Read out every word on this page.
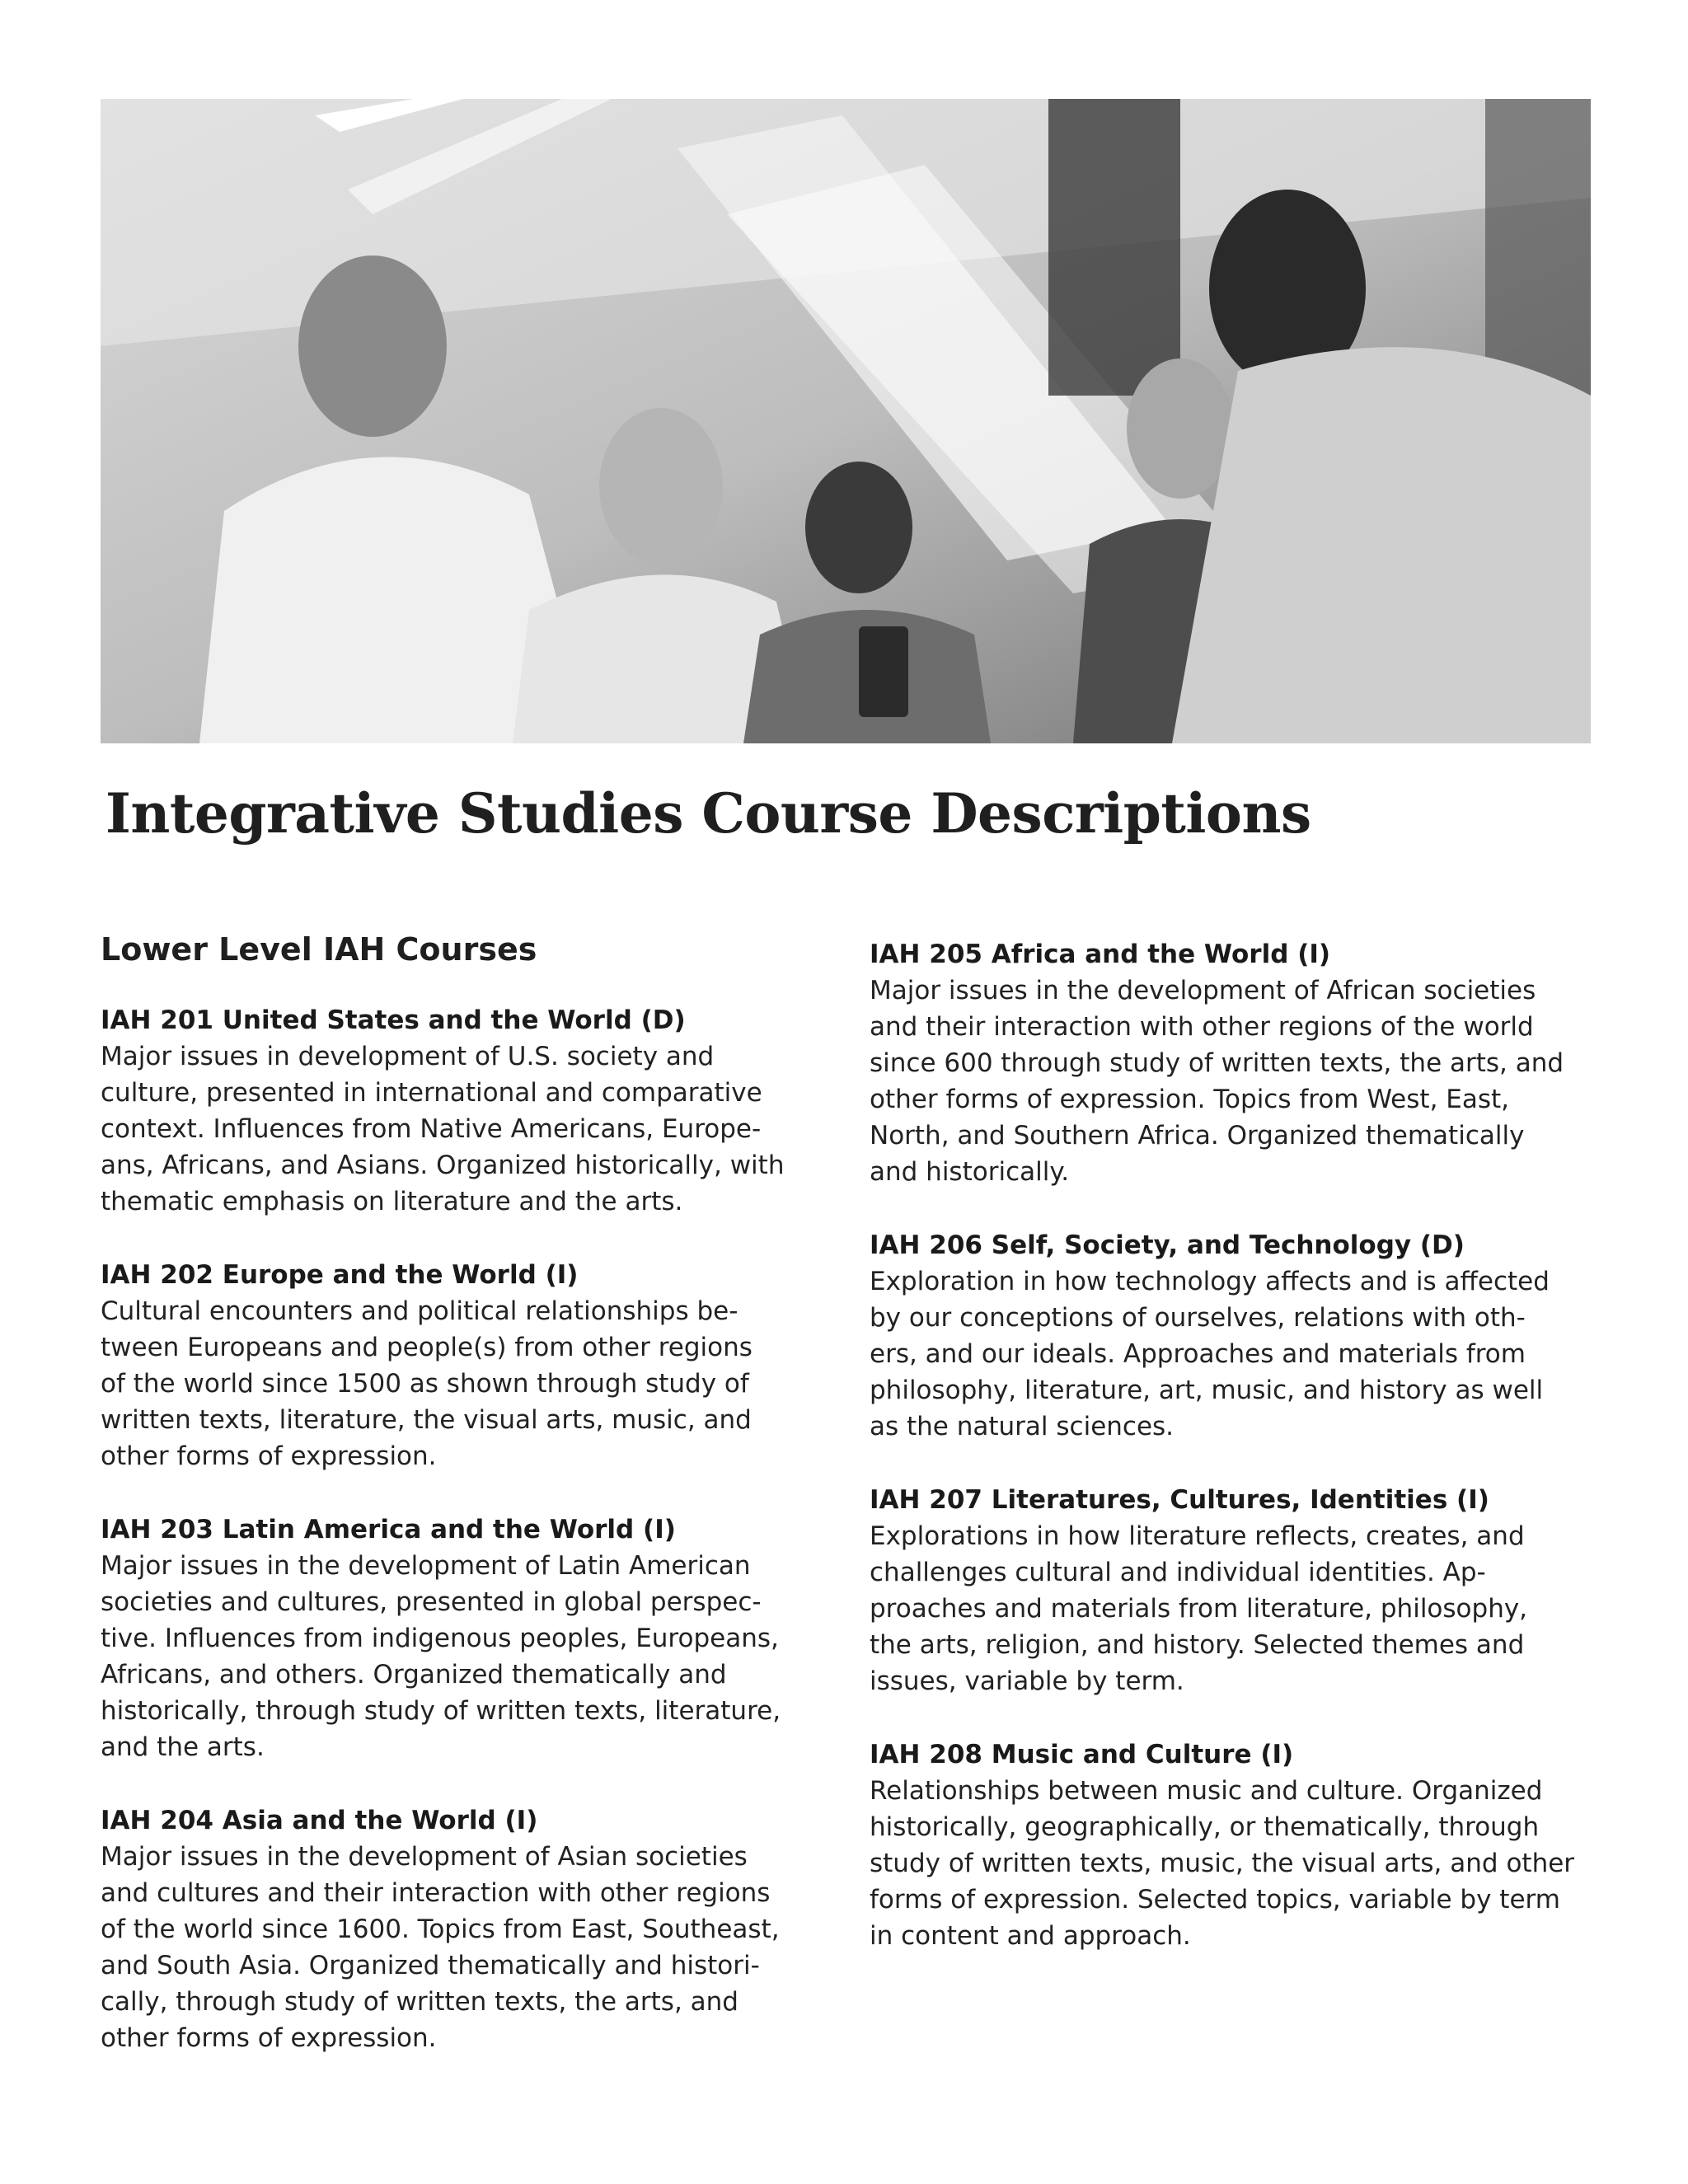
Integrative Studies Course Descriptions
Lower Level IAH Courses

IAH 201 United States and the World (D)

Major issues in development of U.S. society and
culture, presented in international and comparative
context. Influences from Native Americans, Europe-
ans, Africans, and Asians. Organized historically, with
thematic emphasis on literature and the arts.

IAH 202 Europe and the World (I)

Cultural encounters and political relationships be-
tween Europeans and people(s) from other regions
of the world since 1500 as shown through study of
written texts, literature, the visual arts, music, and
other forms of expression.

IAH 203 Latin America and the World (I)

Major issues in the development of Latin American
societies and cultures, presented in global perspec-
tive. Influences from indigenous peoples, Europeans,
Africans, and others. Organized thematically and
historically, through study of written texts, literature,
and the arts.

IAH 204 Asia and the World (I)

Major issues in the development of Asian societies
and cultures and their interaction with other regions
of the world since 1600. Topics from East, Southeast,
and South Asia. Organized thematically and histori-
cally, through study of written texts, the arts, and
other forms of expression.

IAH 205 Africa and the World (I)

Major issues in the development of African societies
and their interaction with other regions of the world
since 600 through study of written texts, the arts, and
other forms of expression. Topics from West, East,
North, and Southern Africa. Organized thematically
and historically.

IAH 206 Self, Society, and Technology (D)

Exploration in how technology affects and is affected
by our conceptions of ourselves, relations with oth-
ers, and our ideals. Approaches and materials from
philosophy, literature, art, music, and history as well
as the natural sciences.

IAH 207 Literatures, Cultures, Identities (I)

Explorations in how literature reflects, creates, and
challenges cultural and individual identities. Ap-
proaches and materials from literature, philosophy,
the arts, religion, and history. Selected themes and
issues, variable by term.

IAH 208 Music and Culture (I)

Relationships between music and culture. Organized
historically, geographically, or thematically, through
study of written texts, music, the visual arts, and other
forms of expression. Selected topics, variable by term
in content and approach.
